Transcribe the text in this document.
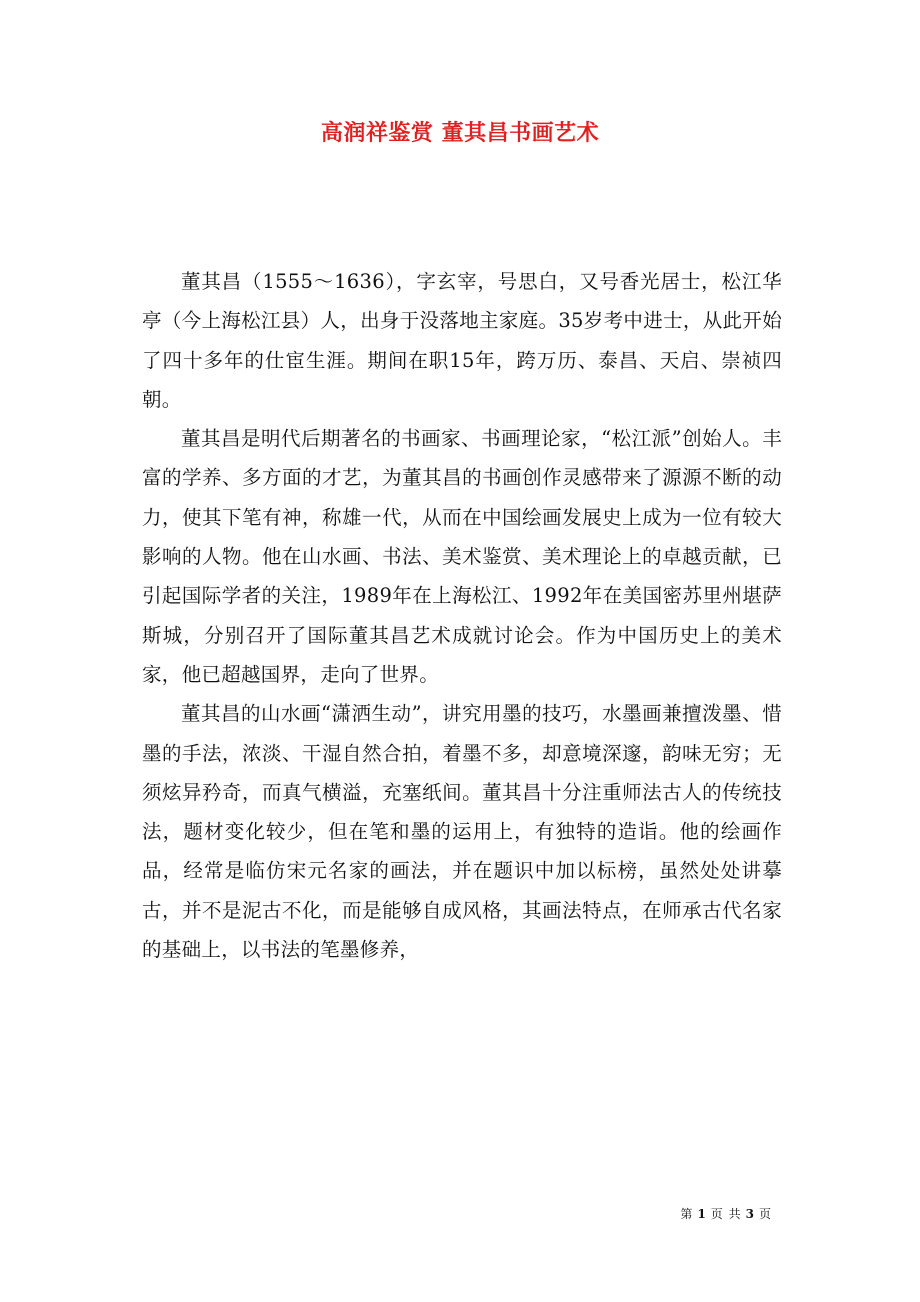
高润祥鉴赏 董其昌书画艺术

董其昌（1555～1636），字玄宰，号思白，又号香光居士，松江华亭（今上海松江县）人，出身于没落地主家庭。35岁考中进士，从此开始了四十多年的仕宦生涯。期间在职15年，跨万历、泰昌、天启、崇祯四朝。

董其昌是明代后期著名的书画家、书画理论家，“松江派”创始人。丰富的学养、多方面的才艺，为董其昌的书画创作灵感带来了源源不断的动力，使其下笔有神，称雄一代，从而在中国绘画发展史上成为一位有较大影响的人物。他在山水画、书法、美术鉴赏、美术理论上的卓越贡献，已引起国际学者的关注，1989年在上海松江、1992年在美国密苏里州堪萨斯城，分别召开了国际董其昌艺术成就讨论会。作为中国历史上的美术家，他已超越国界，走向了世界。

董其昌的山水画“潇洒生动”，讲究用墨的技巧，水墨画兼擅泼墨、惜墨的手法，浓淡、干湿自然合拍，着墨不多，却意境深邃，韵味无穷；无须炫异矜奇，而真气横溢，充塞纸间。董其昌十分注重师法古人的传统技法，题材变化较少，但在笔和墨的运用上，有独特的造诣。他的绘画作品，经常是临仿宋元名家的画法，并在题识中加以标榜，虽然处处讲摹古，并不是泥古不化，而是能够自成风格，其画法特点，在师承古代名家的基础上，以书法的笔墨修养，

第 1 页 共 3 页
